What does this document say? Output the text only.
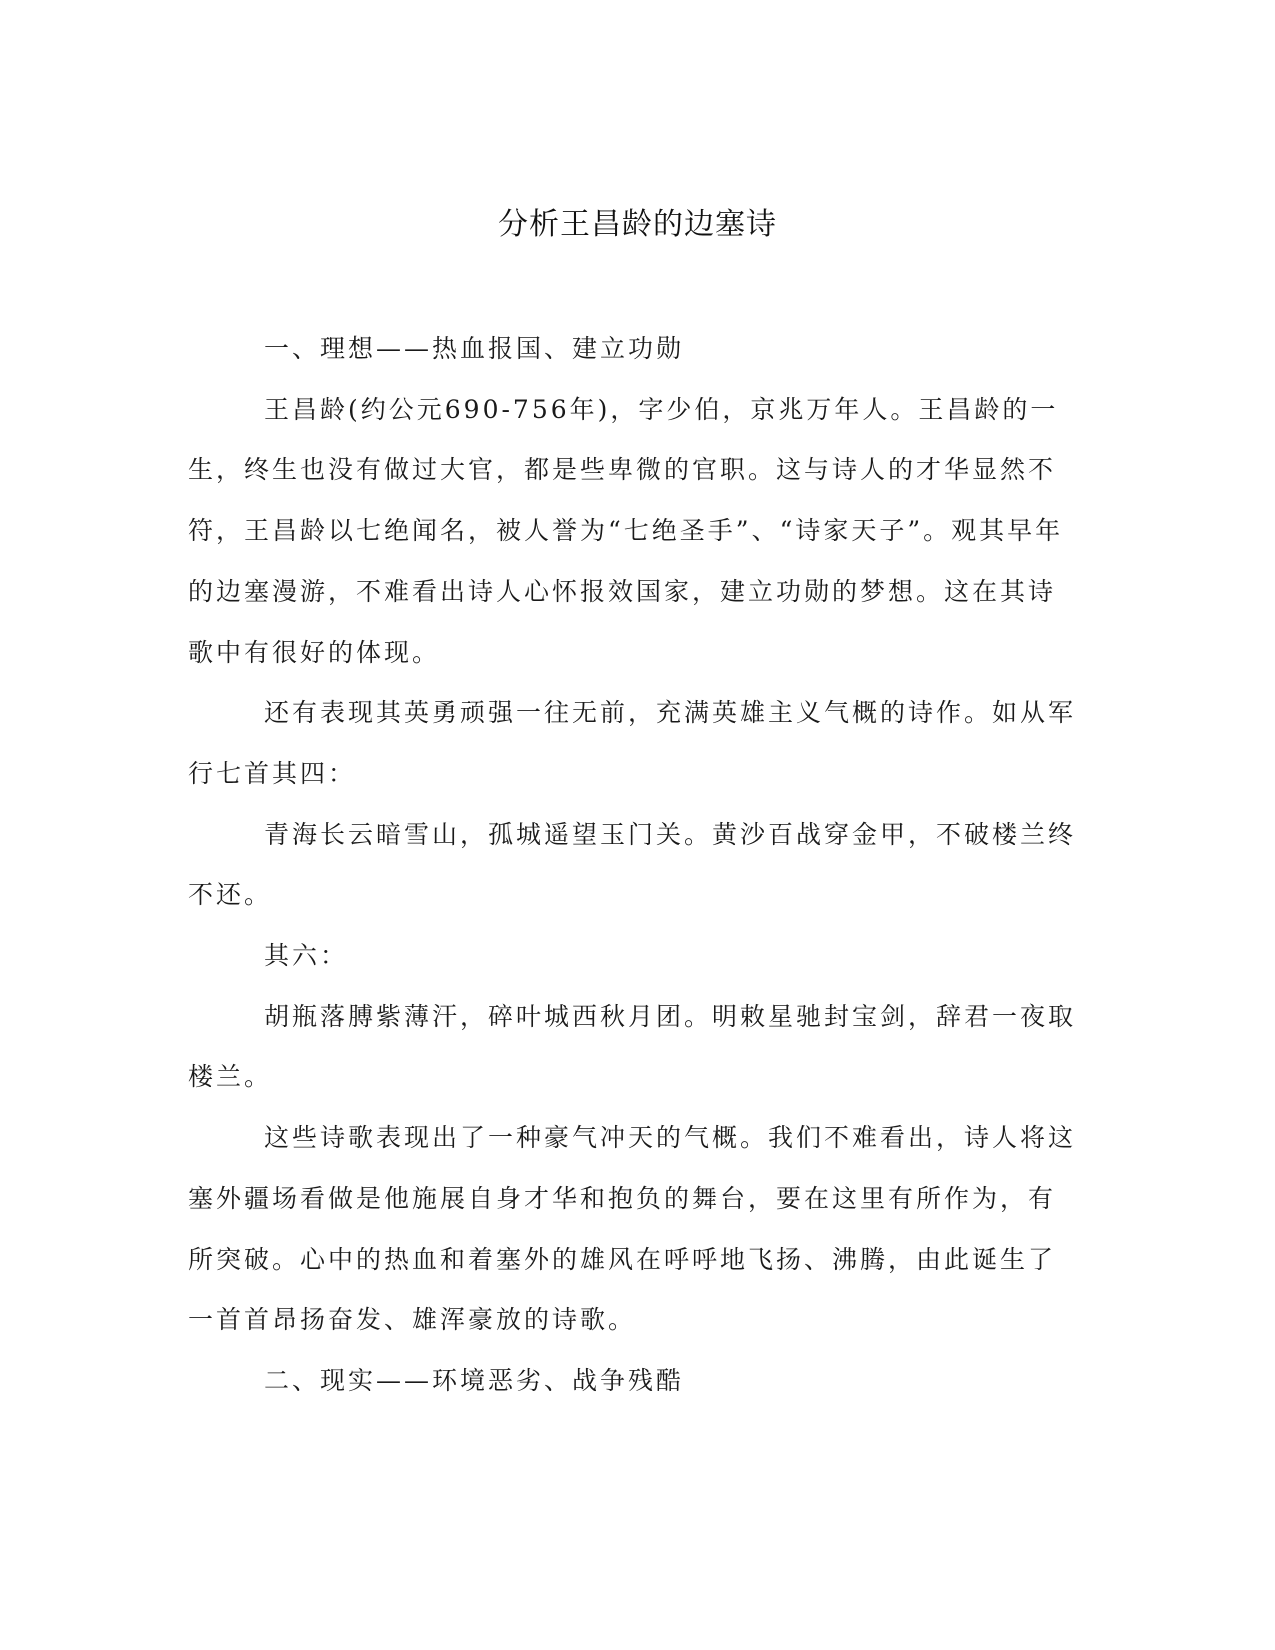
分析王昌龄的边塞诗

一、理想——热血报国、建立功勋

王昌龄(约公元690-756年)，字少伯，京兆万年人。王昌龄的一生，终生也没有做过大官，都是些卑微的官职。这与诗人的才华显然不符，王昌龄以七绝闻名，被人誉为“七绝圣手”、“诗家天子”。观其早年的边塞漫游，不难看出诗人心怀报效国家，建立功勋的梦想。这在其诗歌中有很好的体现。

还有表现其英勇顽强一往无前，充满英雄主义气概的诗作。如从军行七首其四：

青海长云暗雪山，孤城遥望玉门关。黄沙百战穿金甲，不破楼兰终不还。

其六：

胡瓶落膊紫薄汗，碎叶城西秋月团。明敕星驰封宝剑，辞君一夜取楼兰。

这些诗歌表现出了一种豪气冲天的气概。我们不难看出，诗人将这塞外疆场看做是他施展自身才华和抱负的舞台，要在这里有所作为，有所突破。心中的热血和着塞外的雄风在呼呼地飞扬、沸腾，由此诞生了一首首昂扬奋发、雄浑豪放的诗歌。

二、现实——环境恶劣、战争残酷
